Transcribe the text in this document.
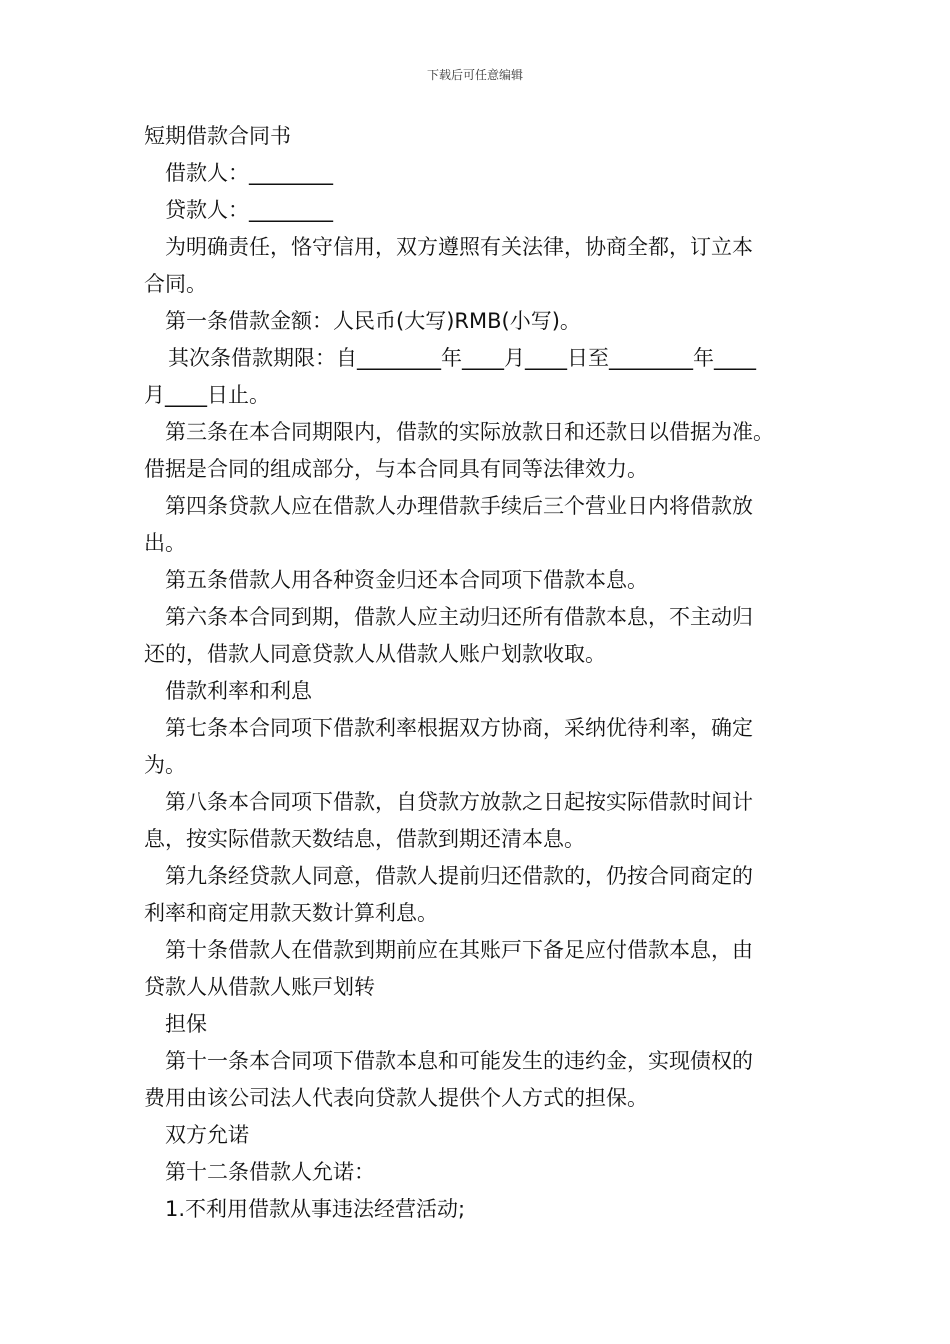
下载后可任意编辑
短期借款合同书
借款人：________
贷款人：________
为明确责任，恪守信用，双方遵照有关法律，协商全都，订立本
合同。
第一条借款金额：人民币(大写)RMB(小写)。
其次条借款期限：自________年____月____日至________年____
月____日止。
第三条在本合同期限内，借款的实际放款日和还款日以借据为准。
借据是合同的组成部分，与本合同具有同等法律效力。
第四条贷款人应在借款人办理借款手续后三个营业日内将借款放
出。
第五条借款人用各种资金归还本合同项下借款本息。
第六条本合同到期，借款人应主动归还所有借款本息，不主动归
还的，借款人同意贷款人从借款人账户划款收取。
借款利率和利息
第七条本合同项下借款利率根据双方协商，采纳优待利率，确定
为。
第八条本合同项下借款，自贷款方放款之日起按实际借款时间计
息，按实际借款天数结息，借款到期还清本息。
第九条经贷款人同意，借款人提前归还借款的，仍按合同商定的
利率和商定用款天数计算利息。
第十条借款人在借款到期前应在其账戸下备足应付借款本息，由
贷款人从借款人账戸划转
担保
第十一条本合同项下借款本息和可能发生的违约金，实现债权的
费用由该公司法人代表向贷款人提供个人方式的担保。
双方允诺
第十二条借款人允诺：
1.不利用借款从事违法经营活动;
